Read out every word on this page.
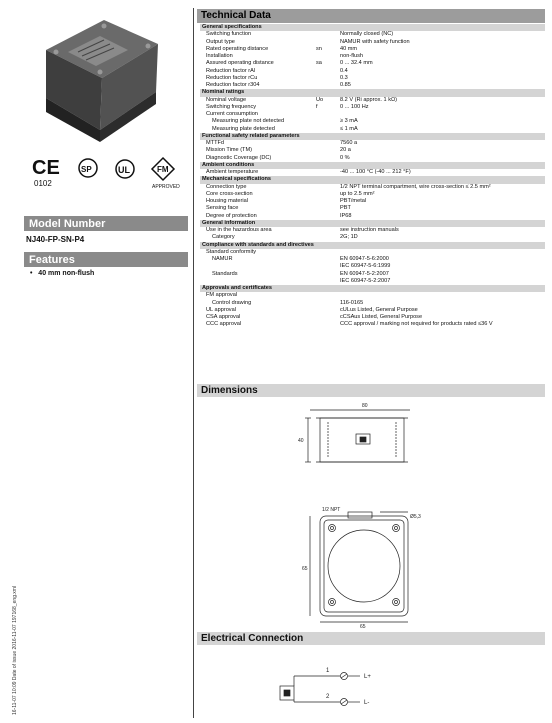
CE
0102
SP	UL	FM
APPROVED
Model Number
NJ40-FP-SN-P4
Features
•   40 mm non-flush
16-11-07 10:09 Date of issue 2016-11-07 197168_eng.xml
Technical Data
General specifications
Switching function	Normally closed (NC)
Output type	NAMUR with safety function
Rated operating distance	sn	40 mm
Installation	non-flush
Assured operating distance	sa	0 ... 32.4 mm
Reduction factor rAl	0.4
Reduction factor rCu	0.3
Reduction factor r304	0.85
Nominal ratings
Nominal voltage	Uo	8.2 V (Ri approx. 1 kΩ)
Switching frequency	f	0 ... 100 Hz
Current consumption
Measuring plate not detected	≥ 3 mA
Measuring plate detected	≤ 1 mA
Functional safety related parameters
MTTFd	7560 a
Mission Time (TM)	20 a
Diagnostic Coverage (DC)	0 %
Ambient conditions
Ambient temperature	-40 ... 100 °C (-40 ... 212 °F)
Mechanical specifications
Connection type	1/2 NPT terminal compartment, wire cross-section ≤ 2.5 mm²
Core cross-section	up to 2.5 mm²
Housing material	PBT/metal
Sensing face	PBT
Degree of protection	IP68
General information
Use in the hazardous area	see instruction manuals
Category	2G; 1D
Compliance with standards and directives
Standard conformity
NAMUR	EN 60947-5-6:2000
IEC 60947-5-6:1999
Standards	EN 60947-5-2:2007
IEC 60947-5-2:2007
Approvals and certificates
FM approval
Control drawing	116-0165
UL approval	cULus Listed, General Purpose
CSA approval	cCSAus Listed, General Purpose
CCC approval	CCC approval / marking not required for products rated ≤36 V
Dimensions
40
80
1/2 NPT
Ø5,3
65
65
Electrical Connection
1
2
L+
L-
